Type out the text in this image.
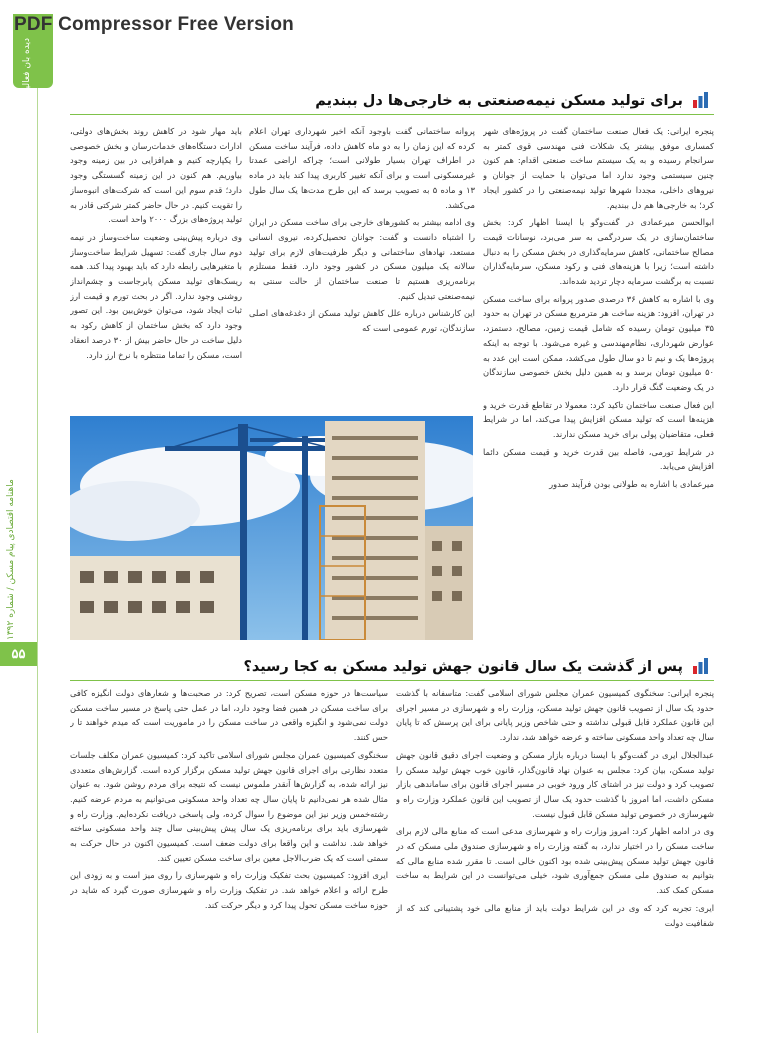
دیده بان فعالیت
PDF Compressor Free Version
ماهنامه اقتصادی پیام مسکن / شماره ۱۳۹۲
۵۵
برای تولید مسکن نیمه‌صنعتی به خارجی‌ها دل ببندیم

پنجره ایرانی: یک فعال صنعت ساختمان گفت در پروژه‌های شهر کمساری موفق بیشتر یک شکلات فنی مهندسی قوی کمتر به سرانجام رسیده و به یک سیستم ساخت صنعتی اقدام: هم کنون چنین سیستمی وجود ندارد اما می‌توان با حمایت از جوانان و نیروهای داخلی، مجددا شهرها تولید نیمه‌صنعتی را در کشور ایجاد کرد؛ به خارجی‌ها هم دل ببندیم.

ابوالحسن میرعمادی در گفت‌وگو با ایسنا اظهار کرد: بخش ساختمان‌سازی در یک سردرگمی به سر می‌برد، نوسانات قیمت مصالح ساختمانی، کاهش سرمایه‌گذاری در بخش مسکن را به دنبال داشته است؛ زیرا با هزینه‌های فنی و رکود مسکن، سرمایه‌گذاران نسبت به برگشت سرمایه دچار تردید شده‌اند.

وی با اشاره به کاهش ۳۶ درصدی صدور پروانه برای ساخت مسکن در تهران، افزود: هزینه ساخت هر مترمربع مسکن در تهران به حدود ۳۵ میلیون تومان رسیده که شامل قیمت زمین، مصالح، دستمزد، عوارض شهرداری، نظام‌مهندسی و غیره می‌شود. با توجه به اینکه پروژه‌ها یک و نیم تا دو سال طول می‌کشد، ممکن است این عدد به ۵۰ میلیون تومان برسد و به همین دلیل بخش خصوصی سازندگان در یک وضعیت گنگ قرار دارد.

این فعال صنعت ساختمان تاکید کرد: معمولا در تقاطع قدرت خرید و هزینه‌ها است که تولید مسکن افزایش پیدا می‌کند، اما در شرایط فعلی، متقاضیان پولی برای خرید مسکن ندارند.

در شرایط تورمی، فاصله بین قدرت خرید و قیمت مسکن دائما افزایش می‌یابد.

میرعمادی با اشاره به طولانی بودن فرآیند صدور

پروانه ساختمانی گفت باوجود آنکه اخیر شهرداری تهران اعلام کرده که این زمان را به دو ماه کاهش داده، فرآیند ساخت مسکن در اطراف تهران بسیار طولانی است؛ چراکه اراضی عمدتا غیرمسکونی است و برای آنکه تغییر کاربری پیدا کند باید در ماده ۱۳ و ماده ۵ به تصویب برسد که این طرح مدت‌ها یک سال طول می‌کشد.

وی ادامه بیشتر به کشورهای خارجی برای ساخت مسکن در ایران را اشتباه دانست و گفت: جوانان تحصیل‌کرده، نیروی انسانی مستعد، نهادهای ساختمانی و دیگر ظرفیت‌های لازم برای تولید سالانه یک میلیون مسکن در کشور وجود دارد. فقط مستلزم برنامه‌ریزی هستیم تا صنعت ساختمان از حالت سنتی به نیمه‌صنعتی تبدیل کنیم.

این کارشناس درباره علل کاهش تولید مسکن از دغدغه‌های اصلی سازندگان، تورم عمومی است که

باید مهار شود در کاهش روند بخش‌های دولتی، ادارات دستگاه‌های خدمات‌رسان و بخش خصوصی را یکپارچه کنیم و هم‌افزایی در بین زمینه وجود بیاوریم. هم کنون در این زمینه گسستگی وجود دارد؛ قدم سوم این است که شرکت‌های انبوه‌ساز را تقویت کنیم. در حال حاضر کمتر شرکتی قادر به تولید پروژه‌های بزرگ ۲۰۰۰ واحد است.

وی درباره پیش‌بینی وضعیت ساخت‌وساز در نیمه دوم سال جاری گفت: تسهیل شرایط ساخت‌وساز با متغیرهایی رابطه دارد که باید بهبود پیدا کند. همه ریسک‌های تولید مسکن پابرجاست و چشم‌انداز روشنی وجود ندارد. اگر در بحث تورم و قیمت ارز ثبات ایجاد شود، می‌توان خوش‌بین بود. این تصور وجود دارد که بخش ساختمان از کاهش رکود به دلیل ساخت در حال حاضر بیش از ۳۰ درصد انعقاد است، مسکن را تماما منتظره با نرخ ارز دارد.

پس از گذشت یک سال قانون جهش تولید مسکن به کجا رسید؟

پنجره ایرانی: سخنگوی کمیسیون عمران مجلس شورای اسلامی گفت: متاسفانه با گذشت حدود یک سال از تصویب قانون جهش تولید مسکن، وزارت راه و شهرسازی در مسیر اجرای این قانون عملکرد قابل قبولی نداشته و حتی شاخص وزیر پایانی برای این پرسش که تا پایان سال چه تعداد واحد مسکونی ساخته و عرضه خواهد شد، ندارد.

عبدالجلال ایری در گفت‌وگو با ایسنا درباره بازار مسکن و وضعیت اجرای دقیق قانون جهش تولید مسکن، بیان کرد: مجلس به عنوان نهاد قانون‌گذار، قانون خوب جهش تولید مسکن را تصویب کرد و دولت نیز در اشتای کار ورود خوبی در مسیر اجرای قانون برای ساماندهی بازار مسکن داشت، اما امروز با گذشت حدود یک سال از تصویب این قانون عملکرد وزارت راه و شهرسازی در خصوص تولید مسکن قابل قبول نیست.

وی در ادامه اظهار کرد: امروز وزارت راه و شهرسازی مدعی است که منابع مالی لازم برای ساخت مسکن را در اختیار ندارد، به گفته وزارت راه و شهرسازی صندوق ملی مسکن که در قانون جهش تولید مسکن پیش‌بینی شده بود اکنون خالی است. تا مقرر شده منابع مالی که بتوانیم به صندوق ملی مسکن جمع‌آوری شود، خیلی می‌توانست در این شرایط به ساخت مسکن کمک کند.

ایری: تجربه کرد که وی در این شرایط دولت باید از منابع مالی خود پشتیبانی کند که از شفافیت دولت

سیاست‌ها در حوزه مسکن است، تصریح کرد: در صحبت‌ها و شعارهای دولت انگیزه کافی برای ساخت مسکن در همین فضا وجود دارد، اما در عمل حتی پاسخ در مسیر ساخت مسکن دولت نمی‌شود و انگیزه واقعی در ساخت مسکن را در ماموریت است که میدم خواهند تا ر حس کنند.

سخنگوی کمیسیون عمران مجلس شورای اسلامی تاکید کرد: کمیسیون عمران مکلف جلسات متعدد نظارتی برای اجرای قانون جهش تولید مسکن برگزار کرده است. گزارش‌های متعددی نیز ارائه شده، به گزارش‌ها آنقدر ملموس نیست که نتیجه برای مردم روشن شود. به عنوان مثال شده هر نمی‌دانیم تا پایان سال چه تعداد واحد مسکونی می‌توانیم به مردم عرضه کنیم. رشته‌خمس وزیر نیز این موضوع را سوال کرده، ولی پاسخی دریافت نکرده‌ایم. وزارت راه و شهرسازی باید برای برنامه‌ریزی یک سال پیش پیش‌بینی سال چند واحد مسکونی ساخته خواهد شد. نداشت و این واقعا برای دولت ضعف است. کمیسیون اکنون در حال حرکت به سمتی است که یک ضرب‌الاجل معین برای ساخت مسکن تعیین کند.

ایری افزود: کمیسیون بحث تفکیک وزارت راه و شهرسازی را روی میز است و به زودی این طرح ارائه و اعلام خواهد شد. در تفکیک وزارت راه و شهرسازی صورت گیرد که شاید در حوزه ساخت مسکن تحول پیدا کرد و دیگر حرکت کند.
